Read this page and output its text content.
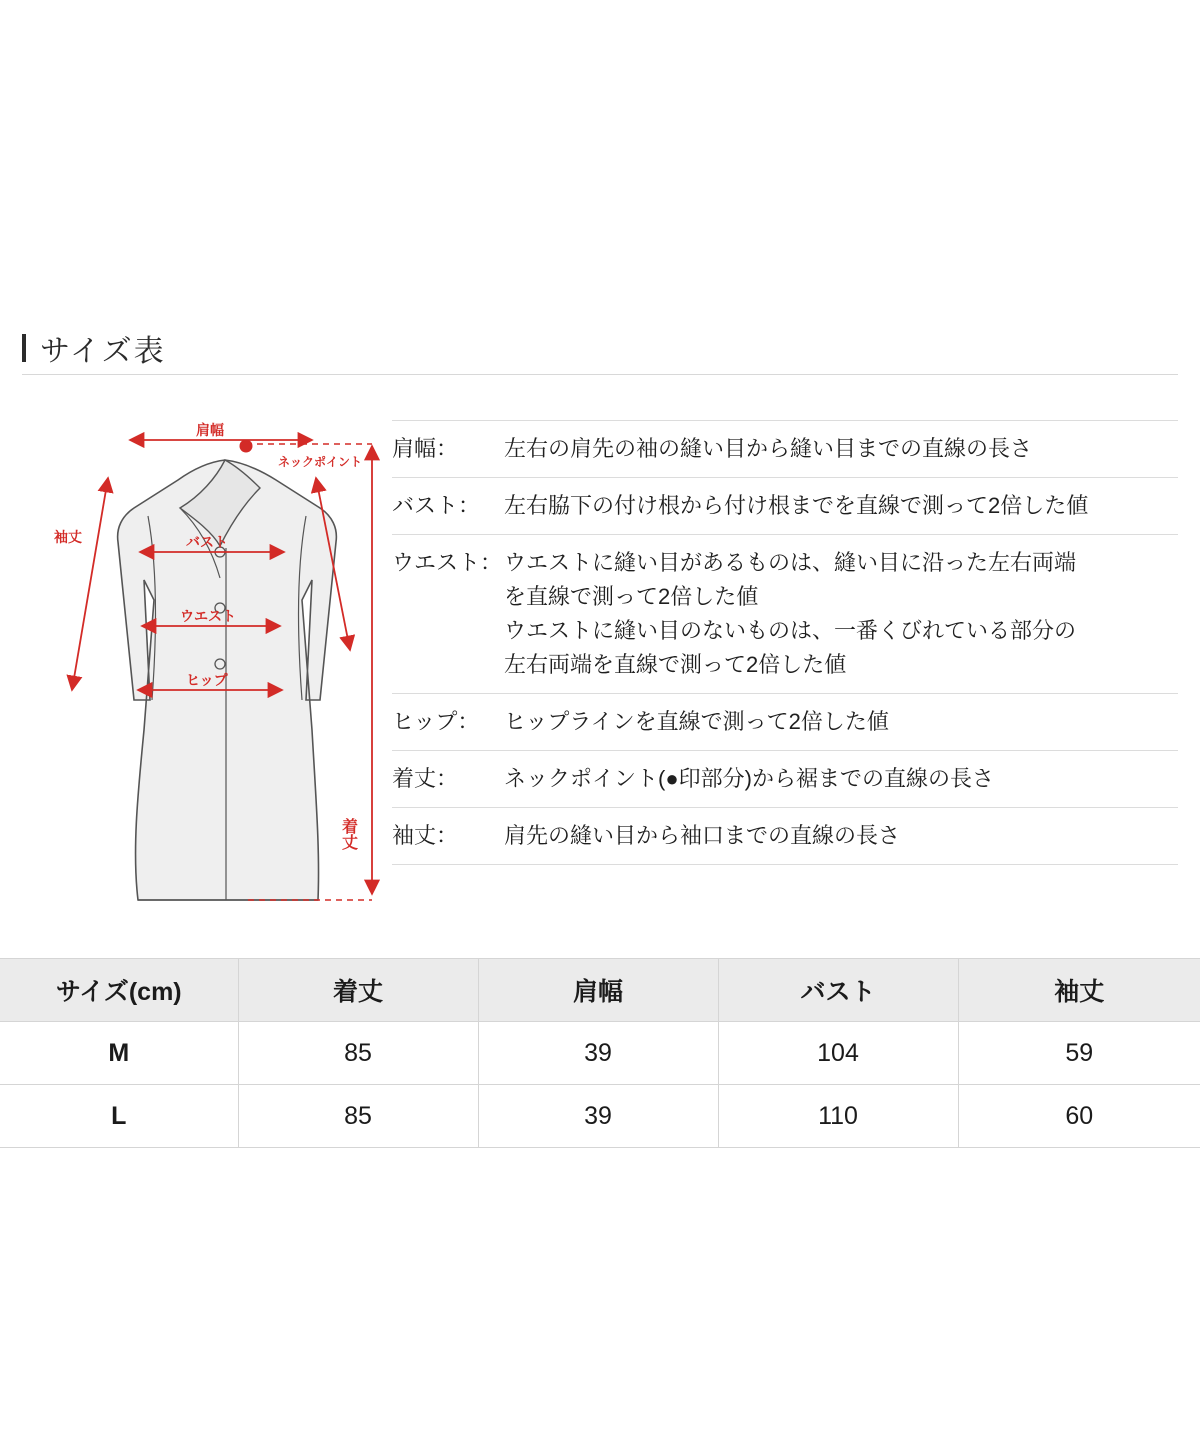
サイズ表
肩幅
ネックポイント
袖丈	バスト
ウエスト
ヒップ
着丈
肩幅：	左右の肩先の袖の縫い目から縫い目までの直線の長さ
バスト：	左右脇下の付け根から付け根までを直線で測って2倍した値
ウエスト： ウエストに縫い目があるものは、縫い目に沿った左右両端
を直線で測って2倍した値
ウエストに縫い目のないものは、一番くびれている部分の
左右両端を直線で測って2倍した値
ヒップ：	ヒップラインを直線で測って2倍した値
着丈：	ネックポイント(●印部分)から裾までの直線の長さ
袖丈：	肩先の縫い目から袖口までの直線の長さ
サイズ(cm)	着丈	肩幅	バスト	袖丈
M	85	39	104	59
L	85	39	110	60
